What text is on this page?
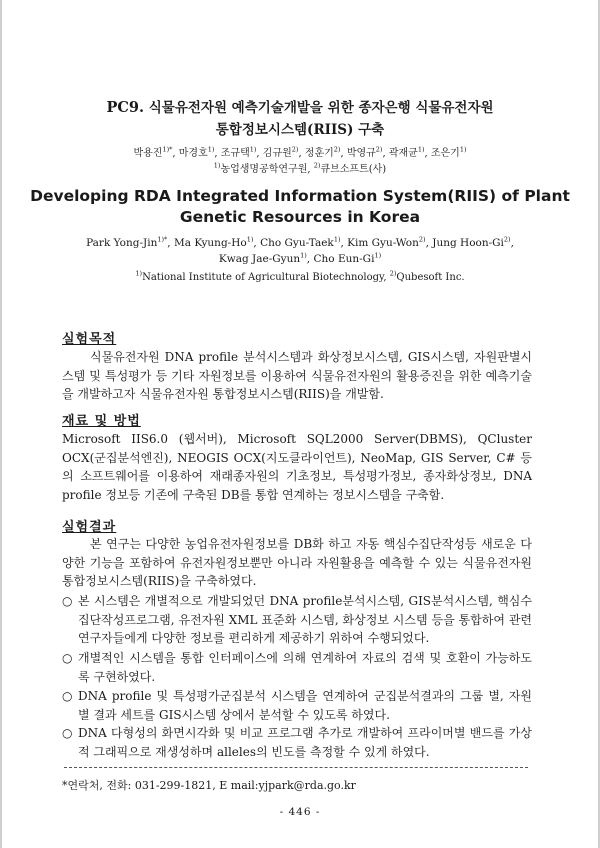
PC9. 식물유전자원 예측기술개발을 위한 종자은행 식물유전자원
통합정보시스템(RIIS) 구축
박용진$^{1)*}$, 마경호$^{1)}$, 조규택$^{1)}$, 김규원$^{2)}$, 정훈기$^{2)}$, 박영규$^{2)}$, 곽재균$^{1)}$, 조은기$^{1)}$
$^{1)}$농업생명공학연구원, $^{2)}$큐브소프트(사)
Developing RDA Integrated Information System(RIIS) of Plant
Genetic Resources in Korea
Park Yong-Jin$^{1)*}$, Ma Kyung-Ho$^{1)}$, Cho Gyu-Taek$^{1)}$, Kim Gyu-Won$^{2)}$, Jung Hoon-Gi$^{2)}$,
Kwag Jae-Gyun$^{1)}$, Cho Eun-Gi$^{1)}$
$^{1)}$National Institute of Agricultural Biotechnology, $^{2)}$Qubesoft Inc.
실험목적
식물유전자원 DNA profile 분석시스템과 화상정보시스템, GIS시스템, 자원판별시스템 및 특성평가 등 기타 자원정보를 이용하여 식물유전자원의 활용증진을 위한 예측기술을 개발하고자 식물유전자원 통합정보시스템(RIIS)을 개발함.
재료 및 방법
Microsoft IIS6.0 (웹서버), Microsoft SQL2000 Server(DBMS), QCluster OCX(군집분석엔진), NEOGIS OCX(지도클라이언트), NeoMap, GIS Server, C# 등의 소프트웨어를 이용하여 재래종자원의 기초정보, 특성평가정보, 종자화상정보, DNA profile 정보등 기존에 구축된 DB를 통합 연계하는 정보시스템을 구축함.
실험결과
본 연구는 다양한 농업유전자원정보를 DB화 하고 자동 핵심수집단작성등 새로운 다양한 기능을 포함하여 유전자원정보뿐만 아니라 자원활용을 예측할 수 있는 식물유전자원 통합정보시스템(RIIS)을 구축하였다.
○ 본 시스템은 개별적으로 개발되었던 DNA profile분석시스템, GIS분석시스템, 핵심수집단작성프로그램, 유전자원 XML 표준화 시스템, 화상정보 시스템 등을 통합하여 관련연구자들에게 다양한 정보를 편리하게 제공하기 위하여 수행되었다.
○ 개별적인 시스템을 통합 인터페이스에 의해 연계하여 자료의 검색 및 호환이 가능하도록 구현하였다.
○ DNA profile 및 특성평가군집분석 시스템을 연계하여 군집분석결과의 그룹 별, 자원 별 결과 세트를 GIS시스템 상에서 분석할 수 있도록 하였다.
○ DNA 다형성의 화면시각화 및 비교 프로그램 추가로 개발하여 프라이머별 밴드를 가상적 그래픽으로 재생성하며 alleles의 빈도를 측정할 수 있게 하였다.
*연락처, 전화: 031-299-1821, E mail:yjpark@rda.go.kr
- 446 -
